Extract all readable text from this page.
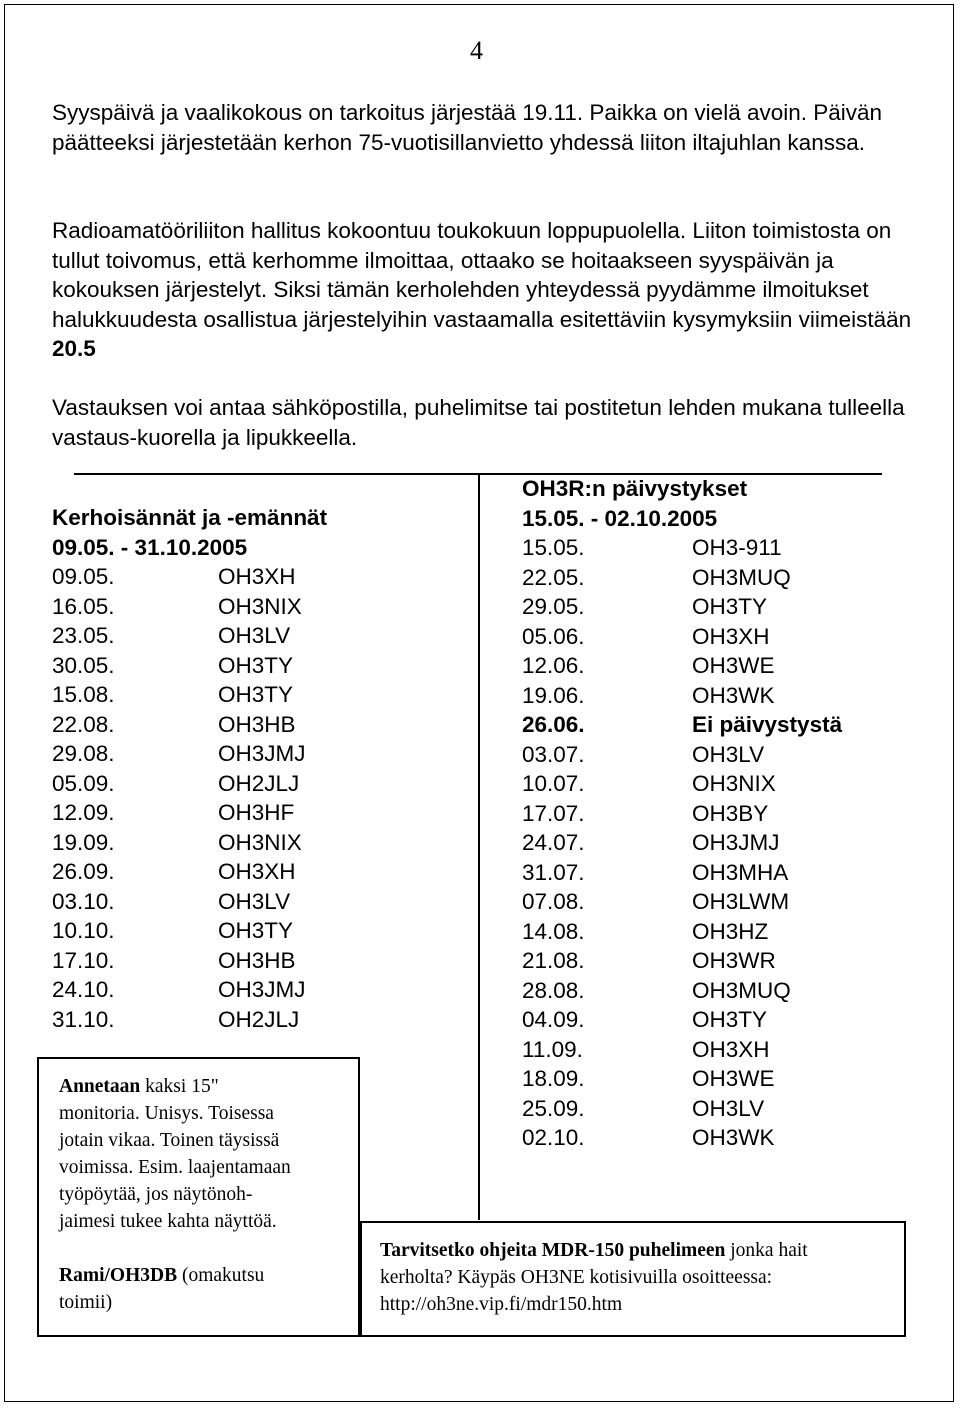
4

Syyspäivä ja vaalikokous on tarkoitus järjestää 19.11. Paikka on vielä avoin. Päivän päätteeksi järjestetään kerhon 75-vuotisillanvietto yhdessä liiton iltajuhlan kanssa.

Radioamatööriliiton hallitus kokoontuu toukokuun loppupuolella. Liiton toimistosta on tullut toivomus, että kerhomme ilmoittaa, ottaako se hoitaakseen syyspäivän ja kokouksen järjestelyt. Siksi tämän kerholehden yhteydessä pyydämme ilmoitukset halukkuudesta osallistua järjestelyihin vastaamalla esitettäviin kysymyksiin viimeistään 20.5

Vastauksen voi antaa sähköpostilla, puhelimitse tai postitetun lehden mukana tulleella vastaus-kuorella ja lipukkeella.

Kerhoisännät ja -emännät
09.05. - 31.10.2005
09.05.	OH3XH
16.05.	OH3NIX
23.05.	OH3LV
30.05.	OH3TY
15.08.	OH3TY
22.08.	OH3HB
29.08.	OH3JMJ
05.09.	OH2JLJ
12.09.	OH3HF
19.09.	OH3NIX
26.09.	OH3XH
03.10.	OH3LV
10.10.	OH3TY
17.10.	OH3HB
24.10.	OH3JMJ
31.10.	OH2JLJ
OH3R:n päivystykset
15.05. - 02.10.2005
15.05.	OH3-911
22.05.	OH3MUQ
29.05.	OH3TY
05.06.	OH3XH
12.06.	OH3WE
19.06.	OH3WK
26.06.	Ei päivystystä
03.07.	OH3LV
10.07.	OH3NIX
17.07.	OH3BY
24.07.	OH3JMJ
31.07.	OH3MHA
07.08.	OH3LWM
14.08.	OH3HZ
21.08.	OH3WR
28.08.	OH3MUQ
04.09.	OH3TY
11.09.	OH3XH
18.09.	OH3WE
25.09.	OH3LV
02.10.	OH3WK

Annetaan kaksi 15"
monitoria. Unisys. Toisessa
jotain vikaa. Toinen täysissä
voimissa. Esim. laajentamaan
työpöytää, jos näytönoh-
jaimesi tukee kahta näyttöä.

Rami/OH3DB (omakutsu
toimii)

Tarvitsetko ohjeita MDR-150 puhelimeen jonka hait
kerholta? Käypäs OH3NE kotisivuilla osoitteessa:
http://oh3ne.vip.fi/mdr150.htm
